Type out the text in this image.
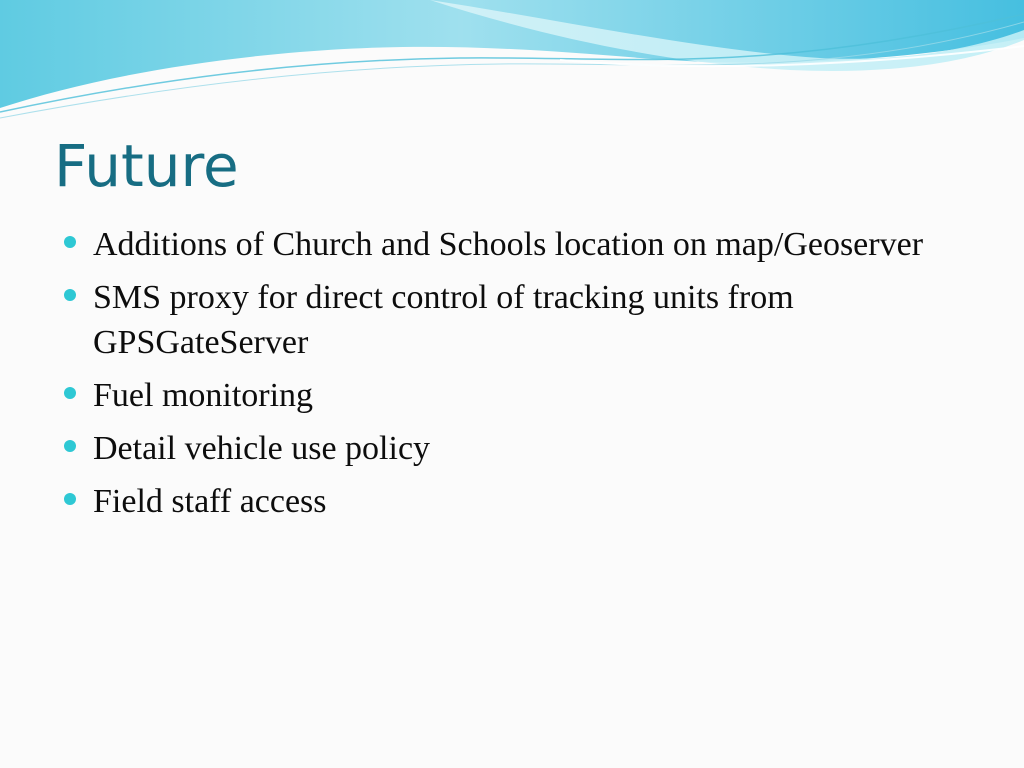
Future
Additions of Church and Schools location on map/Geoserver
SMS proxy for direct control of tracking units from GPSGateServer
Fuel monitoring
Detail vehicle use policy
Field staff access
